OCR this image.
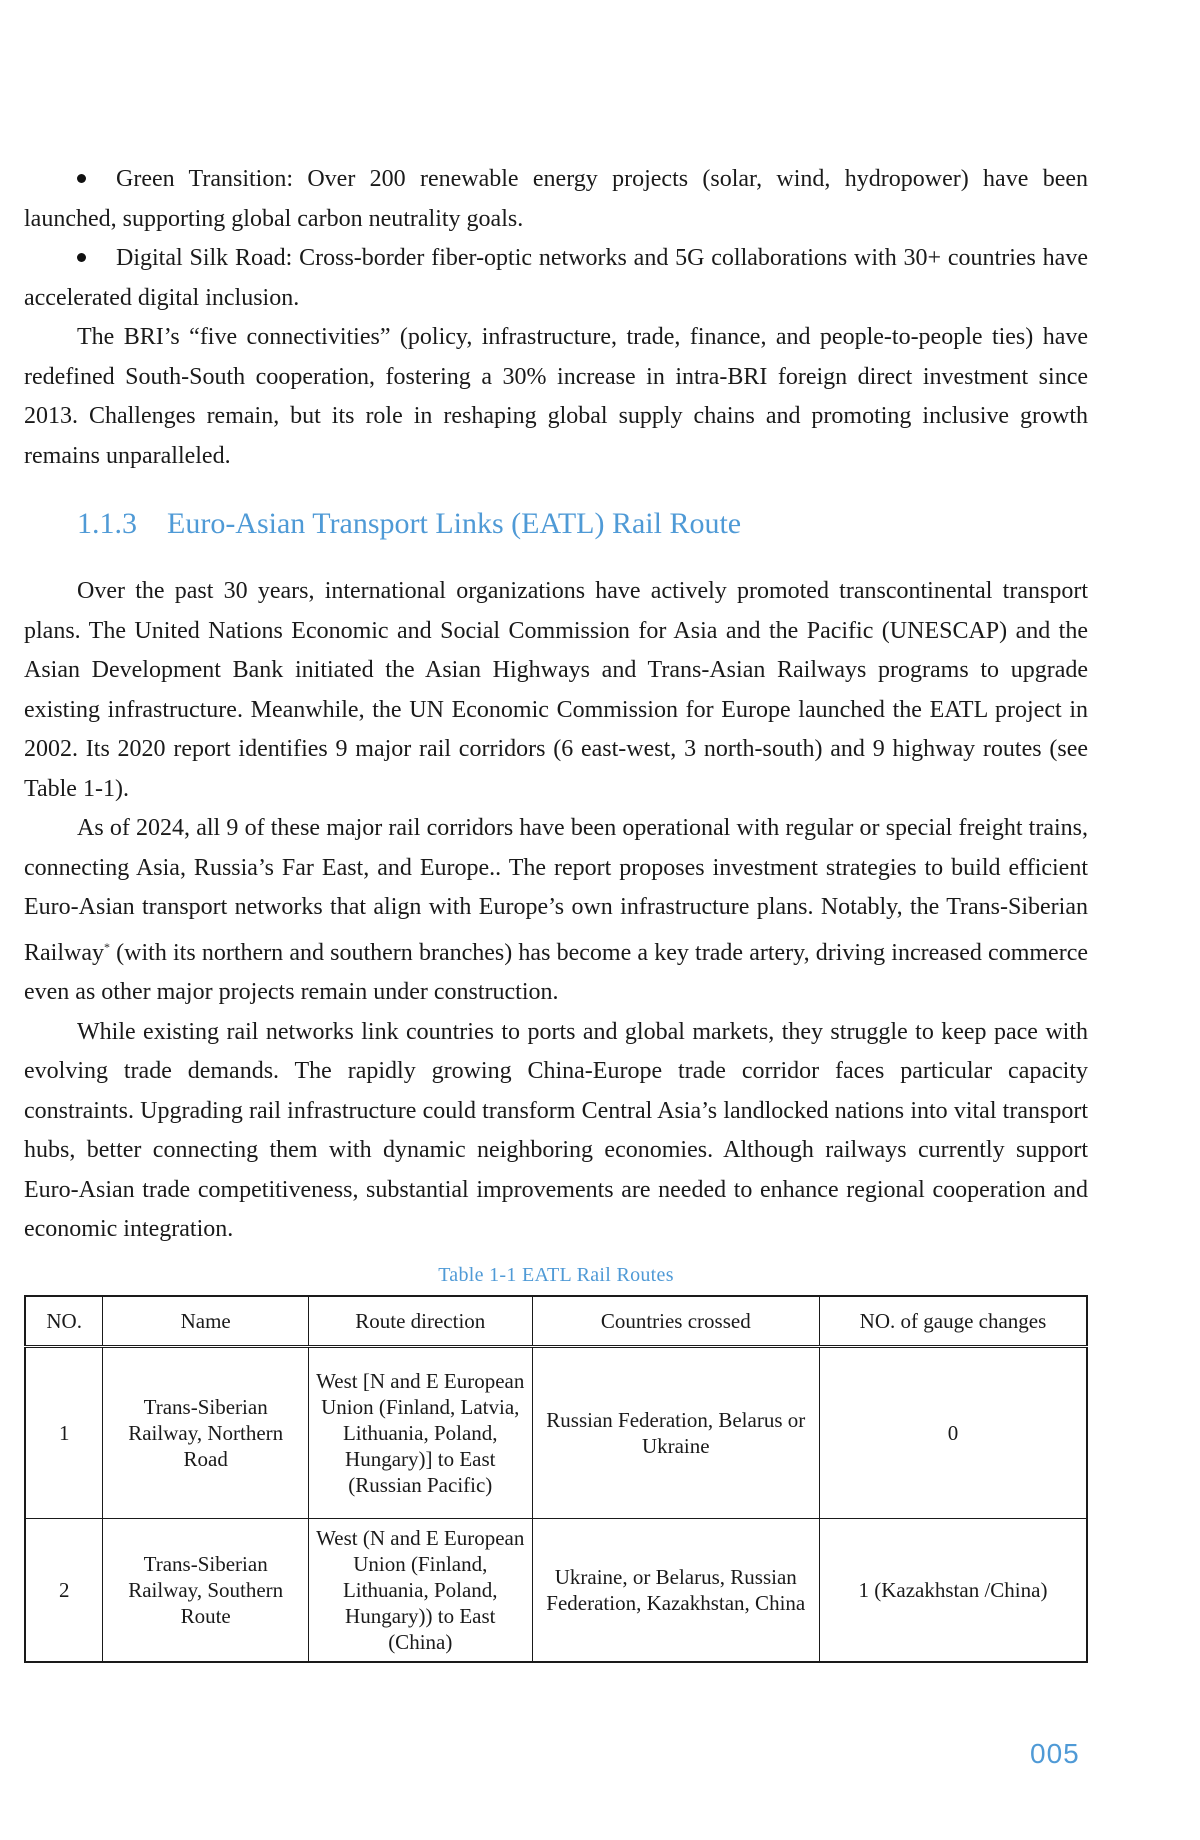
Green Transition: Over 200 renewable energy projects (solar, wind, hydropower) have been launched, supporting global carbon neutrality goals.
Digital Silk Road: Cross-border fiber-optic networks and 5G collaborations with 30+ countries have accelerated digital inclusion.

The BRI’s “five connectivities” (policy, infrastructure, trade, finance, and people-to-people ties) have redefined South-South cooperation, fostering a 30% increase in intra-BRI foreign direct investment since 2013. Challenges remain, but its role in reshaping global supply chains and promoting inclusive growth remains unparalleled.

1.1.3 Euro-Asian Transport Links (EATL) Rail Route

Over the past 30 years, international organizations have actively promoted transcontinental transport plans. The United Nations Economic and Social Commission for Asia and the Pacific (UNESCAP) and the Asian Development Bank initiated the Asian Highways and Trans-Asian Railways programs to upgrade existing infrastructure. Meanwhile, the UN Economic Commission for Europe launched the EATL project in 2002. Its 2020 report identifies 9 major rail corridors (6 east-west, 3 north-south) and 9 highway routes (see Table 1-1).

As of 2024, all 9 of these major rail corridors have been operational with regular or special freight trains, connecting Asia, Russia’s Far East, and Europe.. The report proposes investment strategies to build efficient Euro-Asian transport networks that align with Europe’s own infrastructure plans. Notably, the Trans-Siberian Railway* (with its northern and southern branches) has become a key trade artery, driving increased commerce even as other major projects remain under construction.

While existing rail networks link countries to ports and global markets, they struggle to keep pace with evolving trade demands. The rapidly growing China-Europe trade corridor faces particular capacity constraints. Upgrading rail infrastructure could transform Central Asia’s landlocked nations into vital transport hubs, better connecting them with dynamic neighboring economies. Although railways currently support Euro-Asian trade competitiveness, substantial improvements are needed to enhance regional cooperation and economic integration.

Table 1-1 EATL Rail Routes
NO.	Name	Route direction	Countries crossed	NO. of gauge changes
1	Trans-Siberian Railway, Northern Road	West [N and E European Union (Finland, Latvia, Lithuania, Poland, Hungary)] to East (Russian Pacific)	Russian Federation, Belarus or Ukraine	0
2	Trans-Siberian Railway, Southern Route	West (N and E European Union (Finland, Lithuania, Poland, Hungary)) to East (China)	Ukraine, or Belarus, Russian Federation, Kazakhstan, China	1 (Kazakhstan /China)
005
